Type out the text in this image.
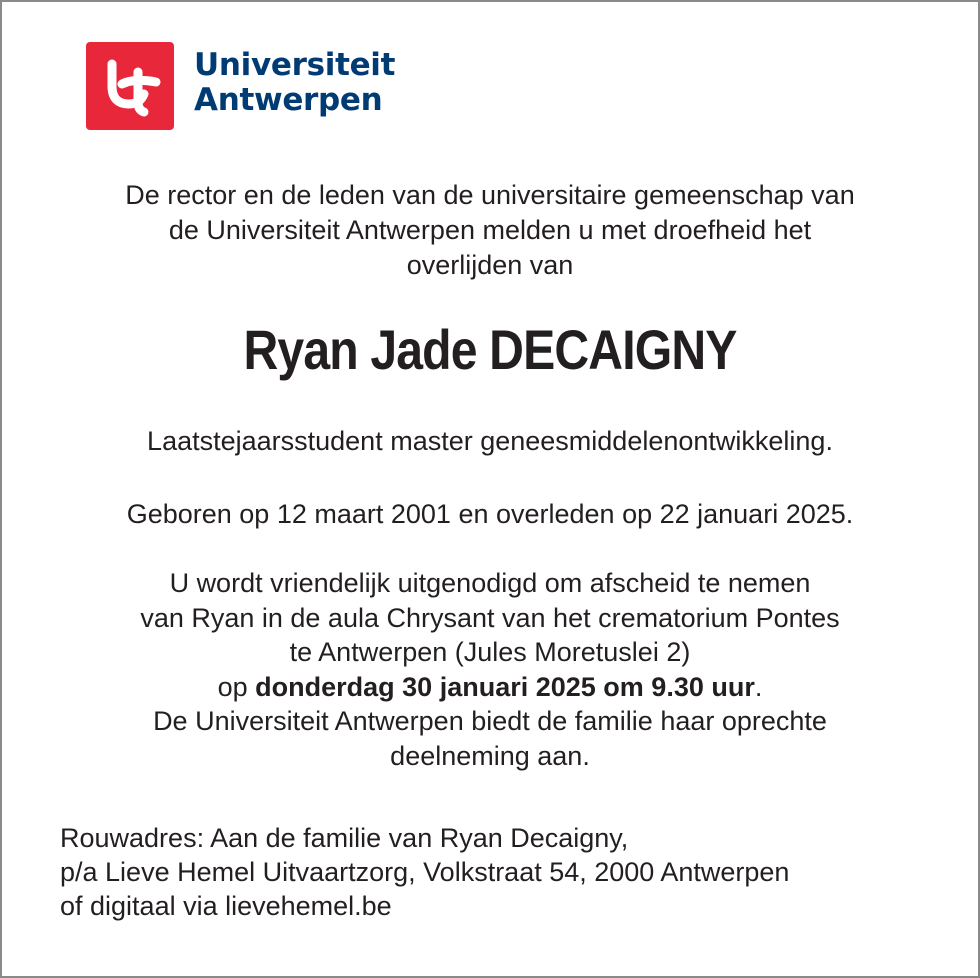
Universiteit
Antwerpen
De rector en de leden van de universitaire gemeenschap van
de Universiteit Antwerpen melden u met droefheid het
overlijden van
Ryan Jade DECAIGNY
Laatstejaarsstudent master geneesmiddelenontwikkeling.
Geboren op 12 maart 2001 en overleden op 22 januari 2025.
U wordt vriendelijk uitgenodigd om afscheid te nemen
van Ryan in de aula Chrysant van het crematorium Pontes
te Antwerpen (Jules Moretuslei 2)
op donderdag 30 januari 2025 om 9.30 uur.
De Universiteit Antwerpen biedt de familie haar oprechte
deelneming aan.
Rouwadres: Aan de familie van Ryan Decaigny,
p/a Lieve Hemel Uitvaartzorg, Volkstraat 54, 2000 Antwerpen
of digitaal via lievehemel.be
